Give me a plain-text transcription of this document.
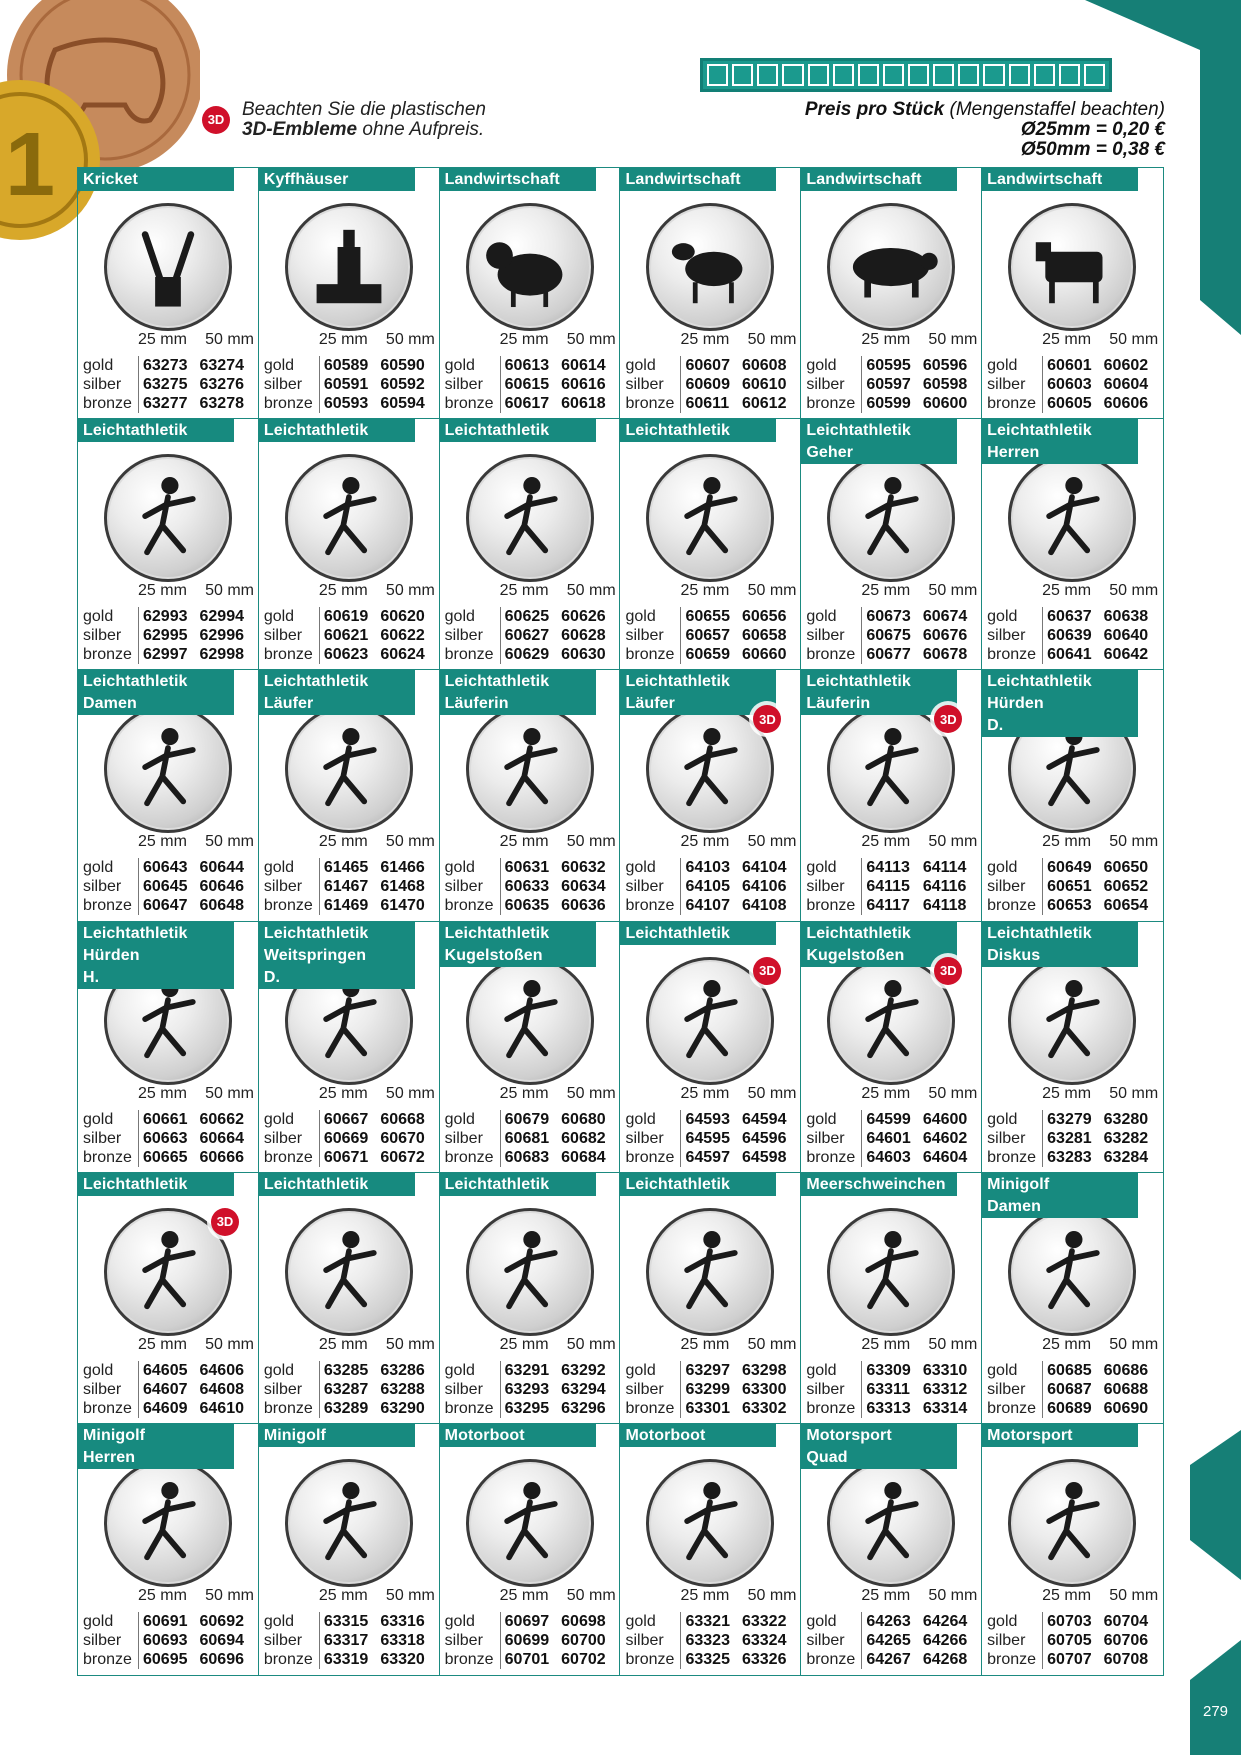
1	3D Beachten Sie die plastischen
3D-Embleme ohne Aufpreis.
Preis pro Stück (Mengenstaffel beachten)
Ø25mm = 0,20 €
Ø50mm = 0,38 €
Kricket
25 mm 50 mm
gold	63273 63274
silber	63275 63276
bronze 63277 63278
Kyffhäuser
25 mm 50 mm
gold	60589 60590
silber	60591 60592
bronze 60593 60594
Landwirtschaft
25 mm 50 mm
gold	60613 60614
silber	60615 60616
bronze 60617 60618
Landwirtschaft
25 mm 50 mm
gold	60607 60608
silber	60609 60610
bronze 60611 60612
Landwirtschaft
25 mm 50 mm
gold	60595 60596
silber	60597 60598
bronze 60599 60600
Landwirtschaft
25 mm 50 mm
gold	60601 60602
silber	60603 60604
bronze 60605 60606
Leichtathletik
25 mm 50 mm
gold	62993 62994
silber	62995 62996
bronze 62997 62998
Leichtathletik
25 mm 50 mm
gold	60619 60620
silber	60621 60622
bronze 60623 60624
Leichtathletik
25 mm 50 mm
gold	60625 60626
silber	60627 60628
bronze 60629 60630
Leichtathletik
25 mm 50 mm
gold	60655 60656
silber	60657 60658
bronze 60659 60660
Leichtathletik
Geher
25 mm 50 mm
gold	60673 60674
silber	60675 60676
bronze 60677 60678
Leichtathletik
Herren
25 mm 50 mm
gold	60637 60638
silber	60639 60640
bronze 60641 60642
Leichtathletik
Damen
25 mm 50 mm
gold	60643 60644
silber	60645 60646
bronze 60647 60648
Leichtathletik
Läufer
25 mm 50 mm
gold	61465 61466
silber	61467 61468
bronze 61469 61470
Leichtathletik
Läuferin
25 mm 50 mm
gold	60631 60632
silber	60633 60634
bronze 60635 60636
Leichtathletik
Läufer
3D
25 mm 50 mm
gold	64103 64104
silber	64105 64106
bronze 64107 64108
Leichtathletik
Läuferin
3D
25 mm 50 mm
gold	64113 64114
silber	64115 64116
bronze 64117 64118
Leichtathletik
Hürden
D.
25 mm 50 mm
gold	60649 60650
silber	60651 60652
bronze 60653 60654
Leichtathletik
Hürden
H.
25 mm 50 mm
gold	60661 60662
silber	60663 60664
bronze 60665 60666
Leichtathletik
Weitspringen
D.
25 mm 50 mm
gold	60667 60668
silber	60669 60670
bronze 60671 60672
Leichtathletik
Kugelstoßen
25 mm 50 mm
gold	60679 60680
silber	60681 60682
bronze 60683 60684
Leichtathletik
3D
25 mm 50 mm
gold	64593 64594
silber	64595 64596
bronze 64597 64598
Leichtathletik
Kugelstoßen
3D
25 mm 50 mm
gold	64599 64600
silber	64601 64602
bronze 64603 64604
Leichtathletik
Diskus
25 mm 50 mm
gold	63279 63280
silber	63281 63282
bronze 63283 63284
Leichtathletik
3D
25 mm 50 mm
gold	64605 64606
silber	64607 64608
bronze 64609 64610
Leichtathletik
25 mm 50 mm
gold	63285 63286
silber	63287 63288
bronze 63289 63290
Leichtathletik
25 mm 50 mm
gold	63291 63292
silber	63293 63294
bronze 63295 63296
Leichtathletik
25 mm 50 mm
gold	63297 63298
silber	63299 63300
bronze 63301 63302
Meerschweinchen
25 mm 50 mm
gold	63309 63310
silber	63311 63312
bronze 63313 63314
Minigolf
Damen
25 mm 50 mm
gold	60685 60686
silber	60687 60688
bronze 60689 60690
Minigolf
Herren
25 mm 50 mm
gold	60691 60692
silber	60693 60694
bronze 60695 60696
Minigolf
25 mm 50 mm
gold	63315 63316
silber	63317 63318
bronze 63319 63320
Motorboot
25 mm 50 mm
gold	60697 60698
silber	60699 60700
bronze 60701 60702
Motorboot
25 mm 50 mm
gold	63321 63322
silber	63323 63324
bronze 63325 63326
Motorsport
Quad
25 mm 50 mm
gold	64263 64264
silber	64265 64266
bronze 64267 64268
Motorsport
25 mm 50 mm
gold	60703 60704
silber	60705 60706
bronze 60707 60708
279
